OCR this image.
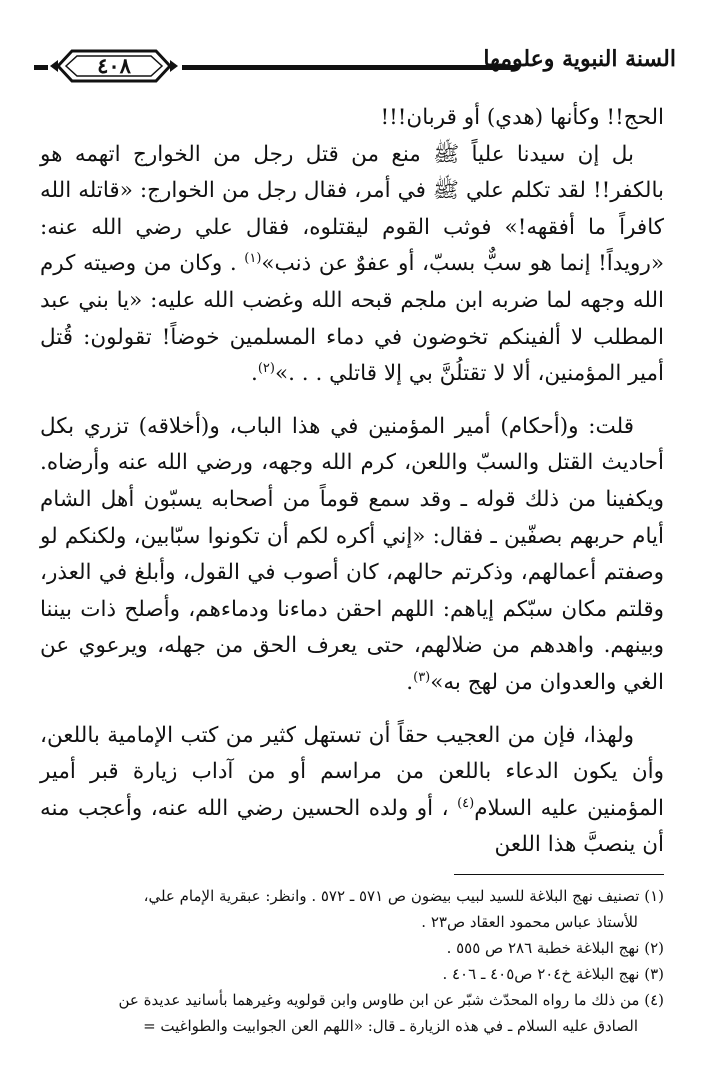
٤٠٨	السنة النبوية وعلومها

الحج!! وكأنها (هدي) أو قربان!!!

بل إن سيدنا علياً ﷺ منع من قتل رجل من الخوارج اتهمه هو بالكفر!! لقد تكلم علي ﷺ في أمر، فقال رجل من الخوارج: «قاتله الله كافراً ما أفقهه!» فوثب القوم ليقتلوه، فقال علي رضي الله عنه: «رويداً! إنما هو سبٌّ بسبّ، أو عفوٌ عن ذنب»$^{(١)}$ . وكان من وصيته كرم الله وجهه لما ضربه ابن ملجم قبحه الله وغضب الله عليه: «يا بني عبد المطلب لا ألفينكم تخوضون في دماء المسلمين خوضاً! تقولون: قُتل أمير المؤمنين، ألا لا تقتلُنَّ بي إلا قاتلي . . .»$^{(٢)}$.

قلت: و(أحكام) أمير المؤمنين في هذا الباب، و(أخلاقه) تزري بكل أحاديث القتل والسبّ واللعن، كرم الله وجهه، ورضي الله عنه وأرضاه. ويكفينا من ذلك قوله ـ وقد سمع قوماً من أصحابه يسبّون أهل الشام أيام حربهم بصفّين ـ فقال: «إني أكره لكم أن تكونوا سبّابين، ولكنكم لو وصفتم أعمالهم، وذكرتم حالهم، كان أصوب في القول، وأبلغ في العذر، وقلتم مكان سبّكم إياهم: اللهم احقن دماءنا ودماءهم، وأصلح ذات بيننا وبينهم. واهدهم من ضلالهم، حتى يعرف الحق من جهله، ويرعوي عن الغي والعدوان من لهج به»$^{(٣)}$.

ولهذا، فإن من العجيب حقاً أن تستهل كثير من كتب الإمامية باللعن، وأن يكون الدعاء باللعن من مراسم أو من آداب زيارة قبر أمير المؤمنين عليه السلام$^{(٤)}$ ، أو ولده الحسين رضي الله عنه، وأعجب منه أن ينصبَّ هذا اللعن

(١) تصنيف نهج البلاغة للسيد لبيب بيضون ص ٥٧١ ـ ٥٧٢ . وانظر: عبقرية الإمام علي،

للأستاذ عباس محمود العقاد ص٢٣ .

(٢) نهج البلاغة خطبة ٢٨٦ ص ٥٥٥ .

(٣) نهج البلاغة خ٢٠٤ ص٤٠٥ ـ ٤٠٦ .

(٤) من ذلك ما رواه المحدّث شبّر عن ابن طاوس وابن قولويه وغيرهما بأسانيد عديدة عن

الصادق عليه السلام ـ في هذه الزيارة ـ قال: «اللهم العن الجوابيت والطواغيت =
